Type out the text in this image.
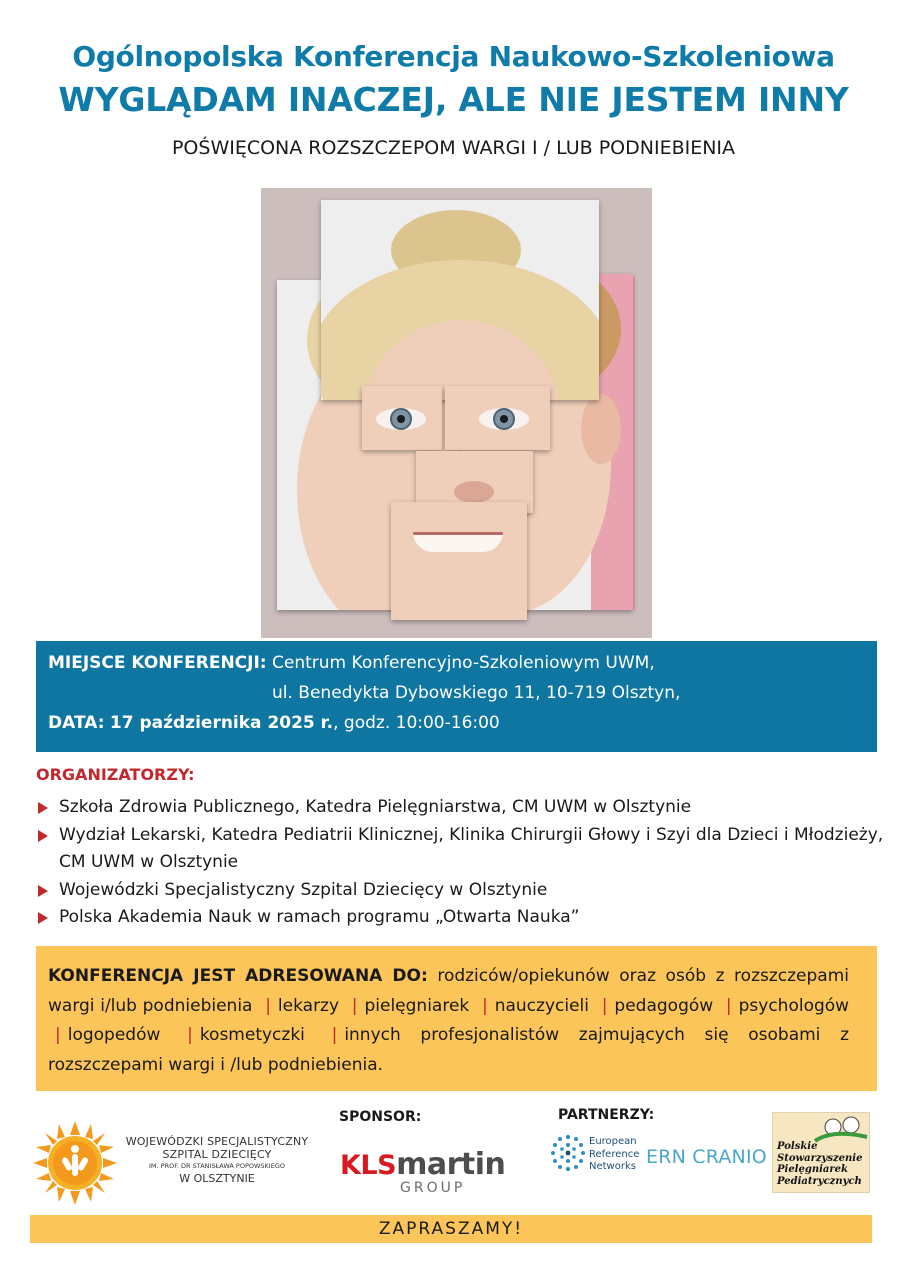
Ogólnopolska Konferencja Naukowo-Szkoleniowa
WYGLĄDAM INACZEJ, ALE NIE JESTEM INNY
POŚWIĘCONA ROZSZCZEPOM WARGI I / LUB PODNIEBIENIA
MIEJSCE KONFERENCJI: Centrum Konferencyjno-Szkoleniowym UWM,
ul. Benedykta Dybowskiego 11, 10-719 Olsztyn,
DATA: 17 października 2025 r., godz. 10:00-16:00
ORGANIZATORZY:
Szkoła Zdrowia Publicznego, Katedra Pielęgniarstwa, CM UWM w Olsztynie
Wydział Lekarski, Katedra Pediatrii Klinicznej, Klinika Chirurgii Głowy i Szyi dla Dzieci i Młodzieży, CM UWM w Olsztynie
Wojewódzki Specjalistyczny Szpital Dziecięcy w Olsztynie
Polska Akademia Nauk w ramach programu „Otwarta Nauka”

KONFERENCJA JEST ADRESOWANA DO: rodziców/opiekunów oraz osób z rozszczepami wargi i/lub podniebienia | lekarzy | pielęgniarek | nauczycieli | pedagogów | psychologów | logopedów | kosmetyczki | innych profesjonalistów zajmujących się osobami z rozszczepami wargi i /lub podniebienia.

WOJEWÓDZKI SPECJALISTYCZNY
SZPITAL DZIECIĘCY
IM. PROF. DR STANISŁAWA POPOWSKIEGO
W OLSZTYNIE
SPONSOR:
KLSmartin
GROUP
PARTNERZY:
European
Reference
Networks ERN CRANIO Polskie
Stowarzyszenie
Pielęgniarek
Pediatrycznych
ZAPRASZAMY!
